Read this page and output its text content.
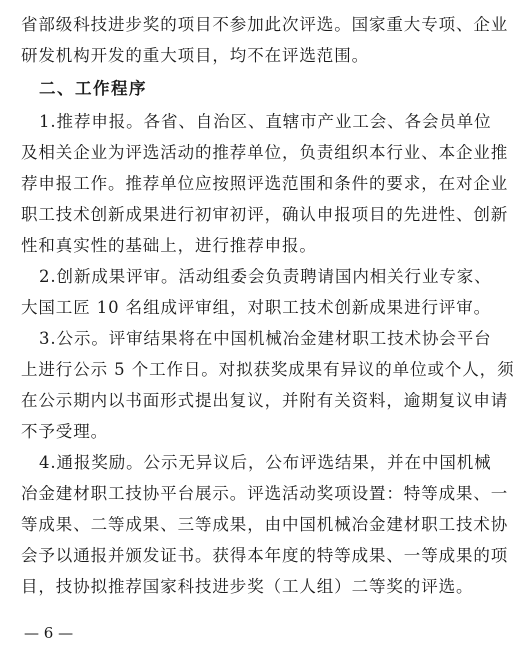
省部级科技进步奖的项目不参加此次评选。国家重大专项、企业
研发机构开发的重大项目，均不在评选范围。
二、工作程序
1.推荐申报。各省、自治区、直辖市产业工会、各会员单位
及相关企业为评选活动的推荐单位，负责组织本行业、本企业推
荐申报工作。推荐单位应按照评选范围和条件的要求，在对企业
职工技术创新成果进行初审初评，确认申报项目的先进性、创新
性和真实性的基础上，进行推荐申报。
2.创新成果评审。活动组委会负责聘请国内相关行业专家、
大国工匠 10 名组成评审组，对职工技术创新成果进行评审。
3.公示。评审结果将在中国机械冶金建材职工技术协会平台
上进行公示 5 个工作日。对拟获奖成果有异议的单位或个人，须
在公示期内以书面形式提出复议，并附有关资料，逾期复议申请
不予受理。
4.通报奖励。公示无异议后，公布评选结果，并在中国机械
冶金建材职工技协平台展示。评选活动奖项设置：特等成果、一
等成果、二等成果、三等成果，由中国机械冶金建材职工技术协
会予以通报并颁发证书。获得本年度的特等成果、一等成果的项
目，技协拟推荐国家科技进步奖（工人组）二等奖的评选。
— 6 —
